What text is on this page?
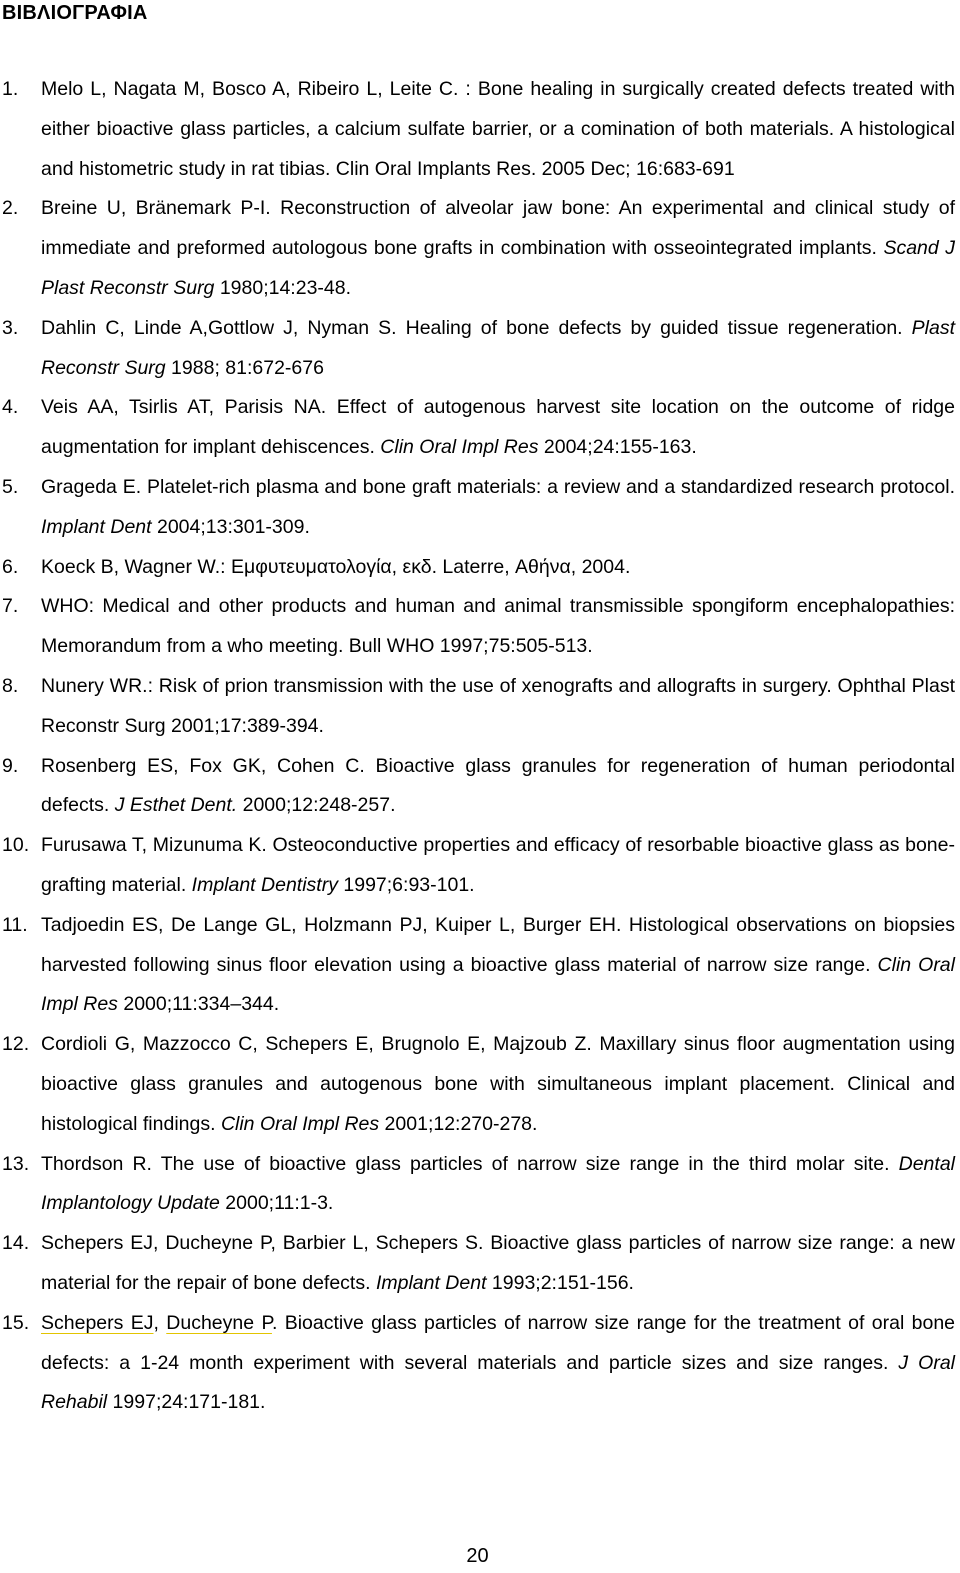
ΒΙΒΛΙΟΓΡΑΦΙΑ
1. Melo L, Nagata M, Bosco A, Ribeiro L, Leite C. : Bone healing in surgically created defects treated with either bioactive glass particles, a calcium sulfate barrier, or a comination of both materials. A histological and histometric study in rat tibias. Clin Oral Implants Res. 2005 Dec; 16:683-691
2. Breine U, Bränemark P-I. Reconstruction of alveolar jaw bone: An experimental and clinical study of immediate and preformed autologous bone grafts in combination with osseointegrated implants. Scand J Plast Reconstr Surg 1980;14:23-48.
3. Dahlin C, Linde A,Gottlow J, Nyman S. Healing of bone defects by guided tissue regeneration. Plast Reconstr Surg 1988; 81:672-676
4. Veis AA, Tsirlis AT, Parisis NA. Effect of autogenous harvest site location on the outcome of ridge augmentation for implant dehiscences. Clin Oral Impl Res 2004;24:155-163.
5. Grageda E. Platelet-rich plasma and bone graft materials: a review and a standardized research protocol. Implant Dent 2004;13:301-309.
6. Koeck B, Wagner W.: Εμφυτευματολογία, εκδ. Laterre, Αθήνα, 2004.
7. WHO: Medical and other products and human and animal transmissible spongiform encephalopathies: Memorandum from a who meeting. Bull WHO 1997;75:505-513.
8. Nunery WR.: Risk of prion transmission with the use of xenografts and allografts in surgery. Ophthal Plast Reconstr Surg 2001;17:389-394.
9. Rosenberg ES, Fox GK, Cohen C. Bioactive glass granules for regeneration of human periodontal defects. J Esthet Dent. 2000;12:248-257.
10. Furusawa T, Mizunuma K. Osteoconductive properties and efficacy of resorbable bioactive glass as bone-grafting material. Implant Dentistry 1997;6:93-101.
11. Tadjoedin ES, De Lange GL, Holzmann PJ, Kuiper L, Burger EH. Histological observations on biopsies harvested following sinus floor elevation using a bioactive glass material of narrow size range. Clin Oral Impl Res 2000;11:334–344.
12. Cordioli G, Mazzocco C, Schepers E, Brugnolo E, Majzoub Z. Maxillary sinus floor augmentation using bioactive glass granules and autogenous bone with simultaneous implant placement. Clinical and histological findings. Clin Oral Impl Res 2001;12:270-278.
13. Thordson R. The use of bioactive glass particles of narrow size range in the third molar site. Dental Implantology Update 2000;11:1-3.
14. Schepers EJ, Ducheyne P, Barbier L, Schepers S. Bioactive glass particles of narrow size range: a new material for the repair of bone defects. Implant Dent 1993;2:151-156.
15. Schepers EJ, Ducheyne P. Bioactive glass particles of narrow size range for the treatment of oral bone defects: a 1-24 month experiment with several materials and particle sizes and size ranges. J Oral Rehabil 1997;24:171-181.
20
